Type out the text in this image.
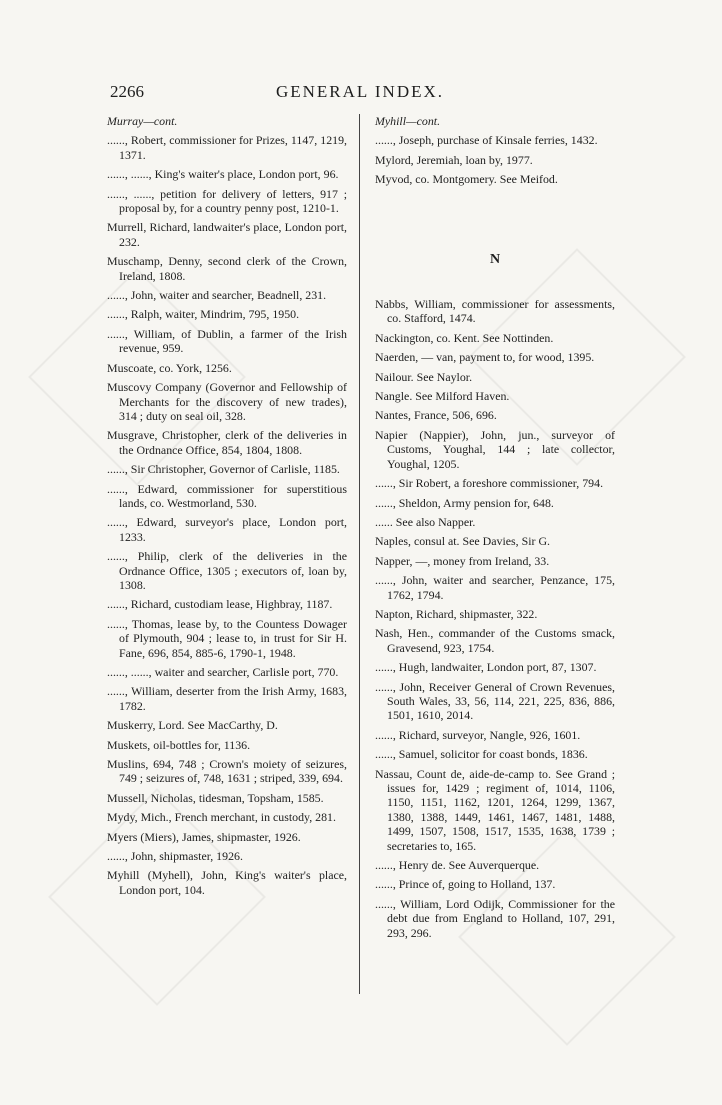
2266	GENERAL INDEX.
Murray—cont.
......, Robert, commissioner for Prizes, 1147, 1219, 1371.
......, ......, King's waiter's place, London port, 96.
......, ......, petition for delivery of letters, 917 ; proposal by, for a country penny post, 1210-1.
Murrell, Richard, landwaiter's place, London port, 232.
Muschamp, Denny, second clerk of the Crown, Ireland, 1808.
......, John, waiter and searcher, Beadnell, 231.
......, Ralph, waiter, Mindrim, 795, 1950.
......, William, of Dublin, a farmer of the Irish revenue, 959.
Muscoate, co. York, 1256.
Muscovy Company (Governor and Fellowship of Merchants for the discovery of new trades), 314 ; duty on seal oil, 328.
Musgrave, Christopher, clerk of the deliveries in the Ordnance Office, 854, 1804, 1808.
......, Sir Christopher, Governor of Carlisle, 1185.
......, Edward, commissioner for superstitious lands, co. Westmorland, 530.
......, Edward, surveyor's place, London port, 1233.
......, Philip, clerk of the deliveries in the Ordnance Office, 1305 ; executors of, loan by, 1308.
......, Richard, custodiam lease, Highbray, 1187.
......, Thomas, lease by, to the Countess Dowager of Plymouth, 904 ; lease to, in trust for Sir H. Fane, 696, 854, 885-6, 1790-1, 1948.
......, ......, waiter and searcher, Carlisle port, 770.
......, William, deserter from the Irish Army, 1683, 1782.
Muskerry, Lord. See MacCarthy, D.
Muskets, oil-bottles for, 1136.
Muslins, 694, 748 ; Crown's moiety of seizures, 749 ; seizures of, 748, 1631 ; striped, 339, 694.
Mussell, Nicholas, tidesman, Topsham, 1585.
Mydy, Mich., French merchant, in custody, 281.
Myers (Miers), James, shipmaster, 1926.
......, John, shipmaster, 1926.
Myhill (Myhell), John, King's waiter's place, London port, 104.
Myhill—cont.
......, Joseph, purchase of Kinsale ferries, 1432.
Mylord, Jeremiah, loan by, 1977.
Myvod, co. Montgomery. See Meifod.
N
Nabbs, William, commissioner for assessments, co. Stafford, 1474.
Nackington, co. Kent. See Nottinden.
Naerden, — van, payment to, for wood, 1395.
Nailour. See Naylor.
Nangle. See Milford Haven.
Nantes, France, 506, 696.
Napier (Nappier), John, jun., surveyor of Customs, Youghal, 144 ; late collector, Youghal, 1205.
......, Sir Robert, a foreshore commissioner, 794.
......, Sheldon, Army pension for, 648.
...... See also Napper.
Naples, consul at. See Davies, Sir G.
Napper, —, money from Ireland, 33.
......, John, waiter and searcher, Penzance, 175, 1762, 1794.
Napton, Richard, shipmaster, 322.
Nash, Hen., commander of the Customs smack, Gravesend, 923, 1754.
......, Hugh, landwaiter, London port, 87, 1307.
......, John, Receiver General of Crown Revenues, South Wales, 33, 56, 114, 221, 225, 836, 886, 1501, 1610, 2014.
......, Richard, surveyor, Nangle, 926, 1601.
......, Samuel, solicitor for coast bonds, 1836.
Nassau, Count de, aide-de-camp to. See Grand ; issues for, 1429 ; regiment of, 1014, 1106, 1150, 1151, 1162, 1201, 1264, 1299, 1367, 1380, 1388, 1449, 1461, 1467, 1481, 1488, 1499, 1507, 1508, 1517, 1535, 1638, 1739 ; secretaries to, 165.
......, Henry de. See Auverquerque.
......, Prince of, going to Holland, 137.
......, William, Lord Odijk, Commissioner for the debt due from England to Holland, 107, 291, 293, 296.
